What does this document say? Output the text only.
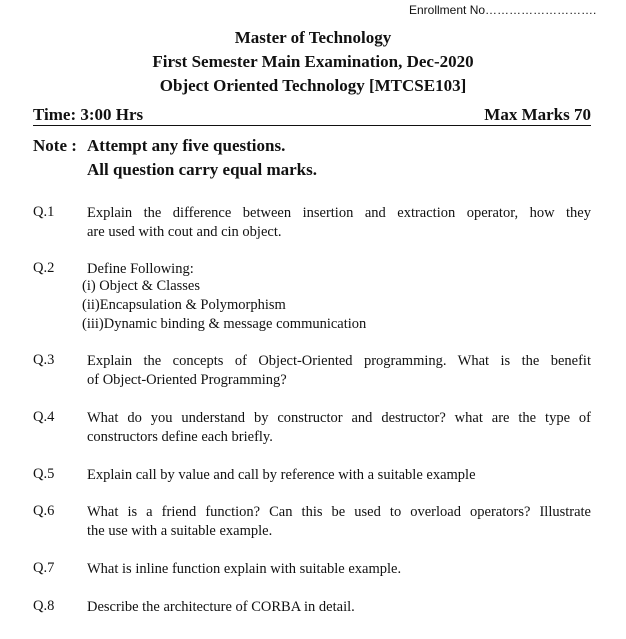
Enrollment No……………………….
Master of Technology
First Semester Main Examination, Dec-2020
Object Oriented Technology [MTCSE103]
Time: 3:00 Hrs	Max Marks 70
Note : Attempt any five questions.
All question carry equal marks.
Q.1 Explain the difference between insertion and extraction operator, how they
are used with cout and cin object.
Q.2 Define Following:
(i) Object & Classes
(ii)Encapsulation & Polymorphism
(iii)Dynamic binding & message communication
Q.3 Explain the concepts of Object-Oriented programming. What is the benefit
of Object-Oriented Programming?
Q.4 What do you understand by constructor and destructor? what are the type of
constructors define each briefly.
Q.5 Explain call by value and call by reference with a suitable example
Q.6 What is a friend function? Can this be used to overload operators? Illustrate
the use with a suitable example.
Q.7 What is inline function explain with suitable example.
Q.8 Describe the architecture of CORBA in detail.
